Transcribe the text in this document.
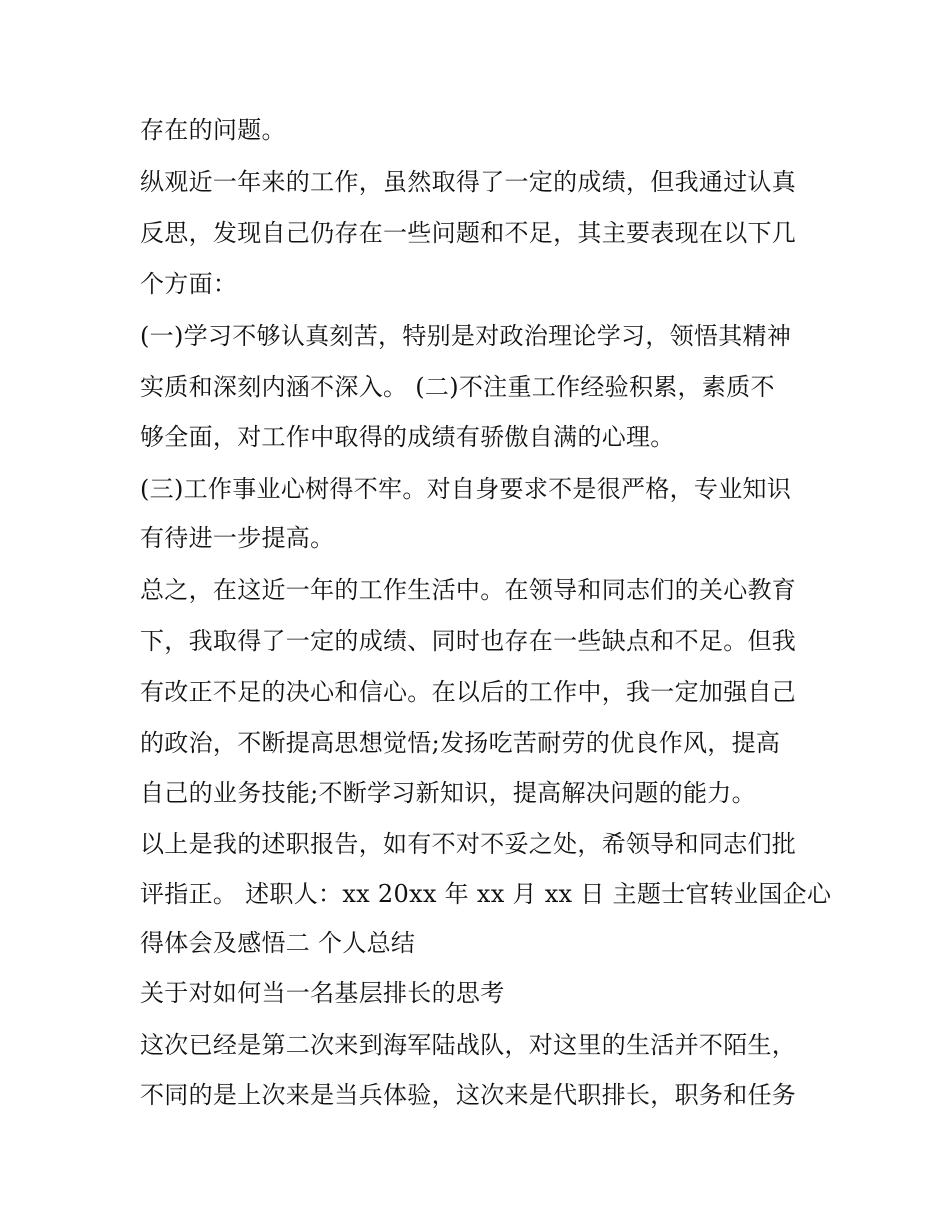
存在的问题。
纵观近一年来的工作，虽然取得了一定的成绩，但我通过认真
反思，发现自己仍存在一些问题和不足，其主要表现在以下几
个方面：
(一)学习不够认真刻苦，特别是对政治理论学习，领悟其精神
实质和深刻内涵不深入。 (二)不注重工作经验积累，素质不
够全面，对工作中取得的成绩有骄傲自满的心理。
(三)工作事业心树得不牢。对自身要求不是很严格，专业知识
有待进一步提高。
总之，在这近一年的工作生活中。在领导和同志们的关心教育
下，我取得了一定的成绩、同时也存在一些缺点和不足。但我
有改正不足的决心和信心。在以后的工作中，我一定加强自己
的政治，不断提高思想觉悟;发扬吃苦耐劳的优良作风，提高
自己的业务技能;不断学习新知识，提高解决问题的能力。
以上是我的述职报告，如有不对不妥之处，希领导和同志们批
评指正。 述职人：xx 20xx 年 xx 月 xx 日 主题士官转业国企心
得体会及感悟二 个人总结
关于对如何当一名基层排长的思考
这次已经是第二次来到海军陆战队，对这里的生活并不陌生，
不同的是上次来是当兵体验，这次来是代职排长，职务和任务
